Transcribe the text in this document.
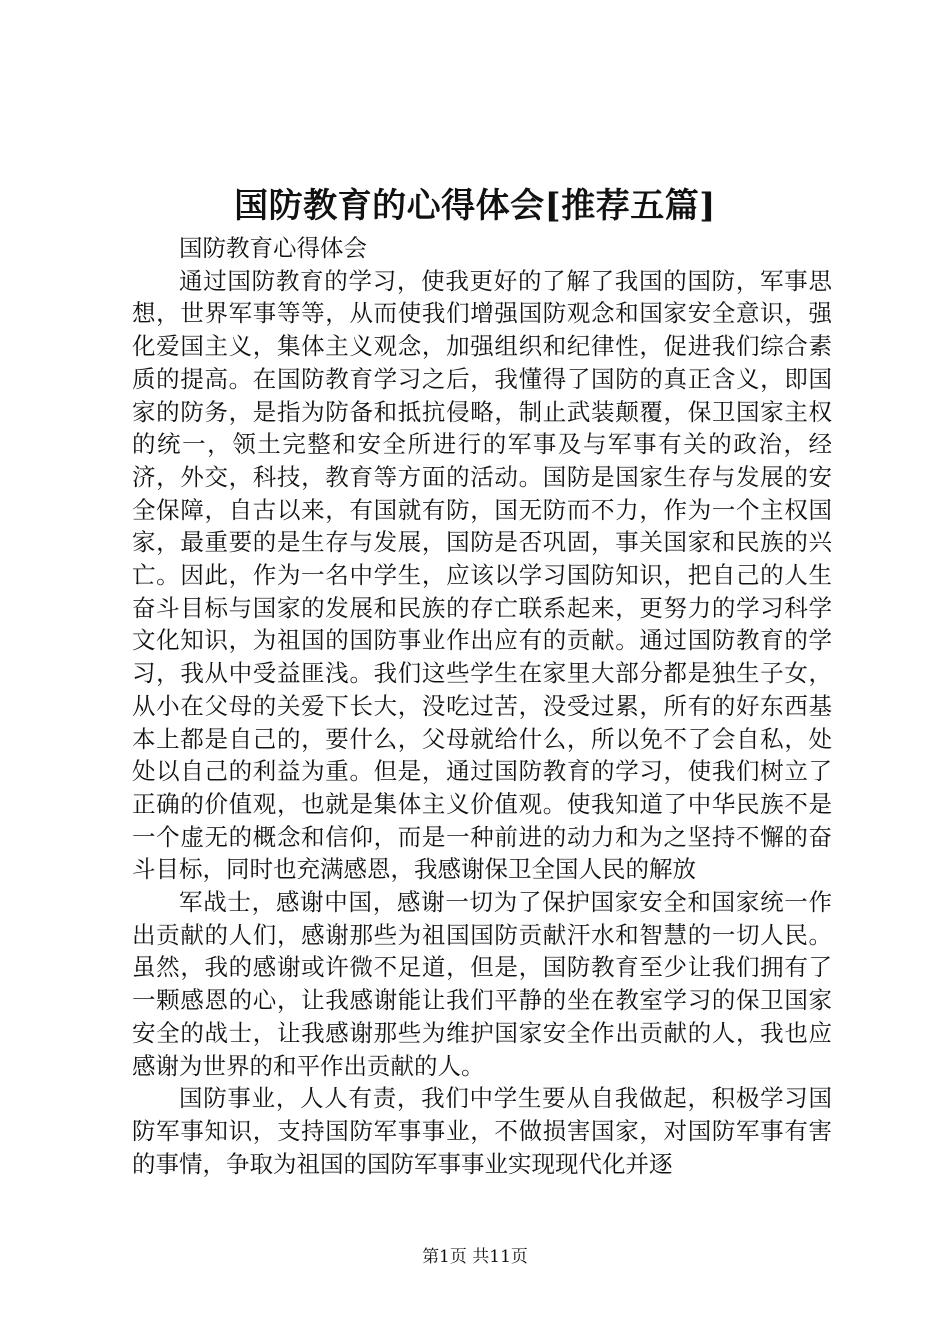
国防教育的心得体会[推荐五篇]

国防教育心得体会

通过国防教育的学习，使我更好的了解了我国的国防，军事思想，世界军事等等，从而使我们增强国防观念和国家安全意识，强化爱国主义，集体主义观念，加强组织和纪律性，促进我们综合素质的提高。在国防教育学习之后，我懂得了国防的真正含义，即国家的防务，是指为防备和抵抗侵略，制止武装颠覆，保卫国家主权的统一，领土完整和安全所进行的军事及与军事有关的政治，经济，外交，科技，教育等方面的活动。国防是国家生存与发展的安全保障，自古以来，有国就有防，国无防而不力，作为一个主权国家，最重要的是生存与发展，国防是否巩固，事关国家和民族的兴亡。因此，作为一名中学生，应该以学习国防知识，把自己的人生奋斗目标与国家的发展和民族的存亡联系起来，更努力的学习科学文化知识，为祖国的国防事业作出应有的贡献。通过国防教育的学习，我从中受益匪浅。我们这些学生在家里大部分都是独生子女，从小在父母的关爱下长大，没吃过苦，没受过累，所有的好东西基本上都是自己的，要什么，父母就给什么，所以免不了会自私，处处以自己的利益为重。但是，通过国防教育的学习，使我们树立了正确的价值观，也就是集体主义价值观。使我知道了中华民族不是一个虚无的概念和信仰，而是一种前进的动力和为之坚持不懈的奋斗目标，同时也充满感恩，我感谢保卫全国人民的解放

军战士，感谢中国，感谢一切为了保护国家安全和国家统一作出贡献的人们，感谢那些为祖国国防贡献汗水和智慧的一切人民。虽然，我的感谢或许微不足道，但是，国防教育至少让我们拥有了一颗感恩的心，让我感谢能让我们平静的坐在教室学习的保卫国家安全的战士，让我感谢那些为维护国家安全作出贡献的人，我也应感谢为世界的和平作出贡献的人。

国防事业，人人有责，我们中学生要从自我做起，积极学习国防军事知识，支持国防军事事业，不做损害国家，对国防军事有害的事情，争取为祖国的国防军事事业实现现代化并逐

第1页 共11页
